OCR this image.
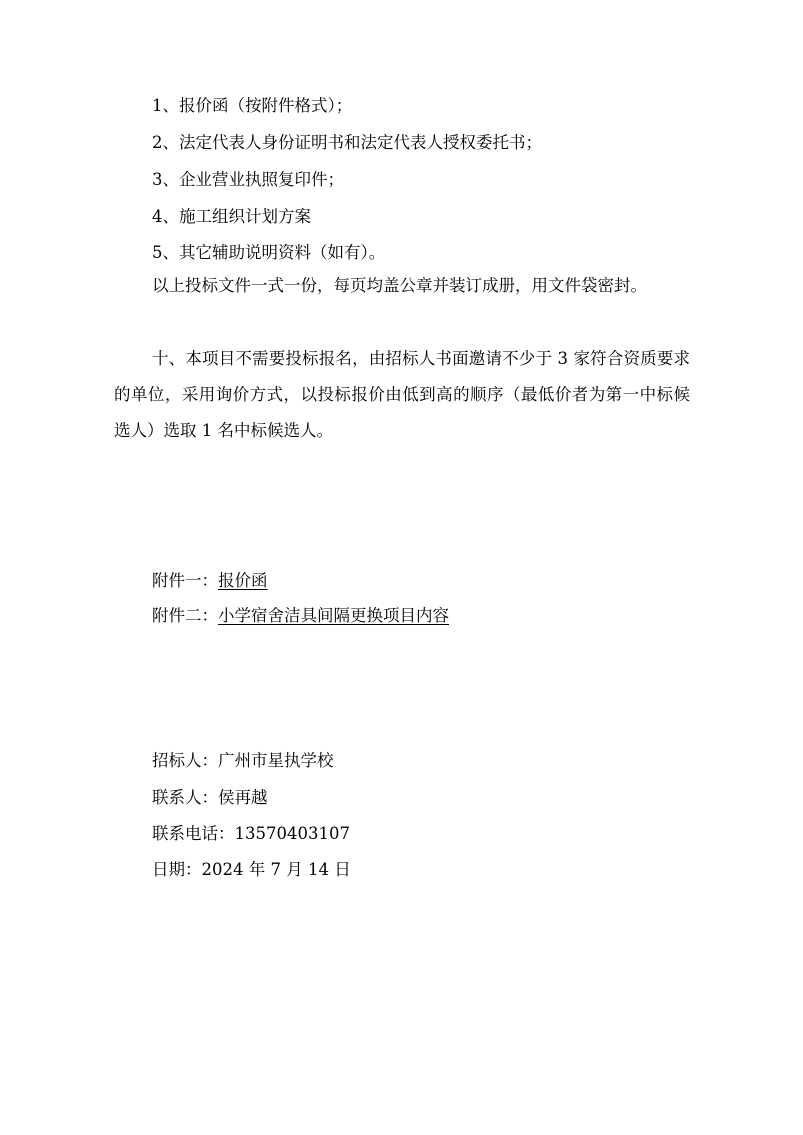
1、报价函（按附件格式）；
2、法定代表人身份证明书和法定代表人授权委托书；
3、企业营业执照复印件；
4、施工组织计划方案
5、其它辅助说明资料（如有）。
以上投标文件一式一份，每页均盖公章并装订成册，用文件袋密封。
十、本项目不需要投标报名，由招标人书面邀请不少于 3 家符合资质要求的单位，采用询价方式，以投标报价由低到高的顺序（最低价者为第一中标候选人）选取 1 名中标候选人。
附件一：报价函
附件二：小学宿舍洁具间隔更换项目内容
招标人：广州市星执学校
联系人：侯再越
联系电话：13570403107
日期：2024 年 7 月 14 日
